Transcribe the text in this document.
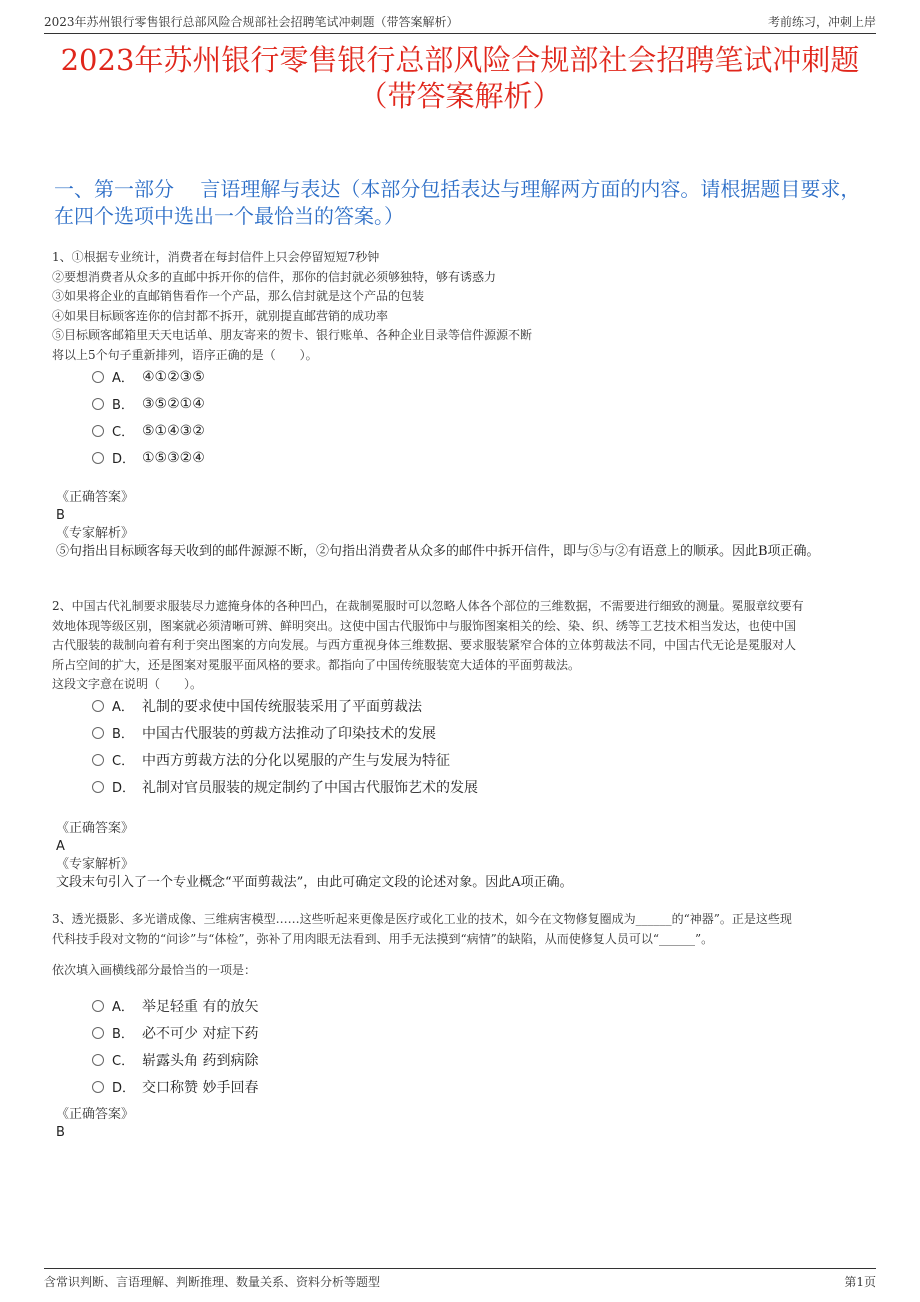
2023年苏州银行零售银行总部风险合规部社会招聘笔试冲刺题（带答案解析）	考前练习，冲刺上岸
2023年苏州银行零售银行总部风险合规部社会招聘笔试冲刺题
（带答案解析）
一、第一部分　 言语理解与表达（本部分包括表达与理解两方面的内容。请根据题目要求，在四个选项中选出一个最恰当的答案。）

1、①根据专业统计，消费者在每封信件上只会停留短短7秒钟

②要想消费者从众多的直邮中拆开你的信件，那你的信封就必须够独特，够有诱惑力

③如果将企业的直邮销售看作一个产品，那么信封就是这个产品的包装

④如果目标顾客连你的信封都不拆开，就别提直邮营销的成功率

⑤目标顾客邮箱里天天电话单、朋友寄来的贺卡、银行账单、各种企业目录等信件源源不断

将以上5个句子重新排列，语序正确的是（　　）。

A． ④①②③⑤
B． ③⑤②①④
C． ⑤①④③②
D． ①⑤③②④
《正确答案》
B
《专家解析》
⑤句指出目标顾客每天收到的邮件源源不断，②句指出消费者从众多的邮件中拆开信件，即与⑤与②有语意上的顺承。因此B项正确。

2、中国古代礼制要求服装尽力遮掩身体的各种凹凸，在裁制冕服时可以忽略人体各个部位的三维数据，不需要进行细致的测量。冕服章纹要有

效地体现等级区别，图案就必须清晰可辨、鲜明突出。这使中国古代服饰中与服饰图案相关的绘、染、织、绣等工艺技术相当发达，也使中国

古代服装的裁制向着有利于突出图案的方向发展。与西方重视身体三维数据、要求服装紧窄合体的立体剪裁法不同，中国古代无论是冕服对人

所占空间的扩大，还是图案对冕服平面风格的要求。都指向了中国传统服装宽大适体的平面剪裁法。

这段文字意在说明（　　）。

A． 礼制的要求使中国传统服装采用了平面剪裁法
B． 中国古代服装的剪裁方法推动了印染技术的发展
C． 中西方剪裁方法的分化以冕服的产生与发展为特征
D． 礼制对官员服装的规定制约了中国古代服饰艺术的发展
《正确答案》
A
《专家解析》
文段末句引入了一个专业概念“平面剪裁法”，由此可确定文段的论述对象。因此A项正确。

3、透光摄影、多光谱成像、三维病害模型……这些听起来更像是医疗或化工业的技术，如今在文物修复圈成为______的“神器”。正是这些现

代科技手段对文物的“问诊”与“体检”，弥补了用肉眼无法看到、用手无法摸到“病情”的缺陷，从而使修复人员可以“______”。

依次填入画横线部分最恰当的一项是：

A． 举足轻重 有的放矢
B． 必不可少 对症下药
C． 崭露头角 药到病除
D． 交口称赞 妙手回春
《正确答案》
B
含常识判断、言语理解、判断推理、数量关系、资料分析等题型	第1页
